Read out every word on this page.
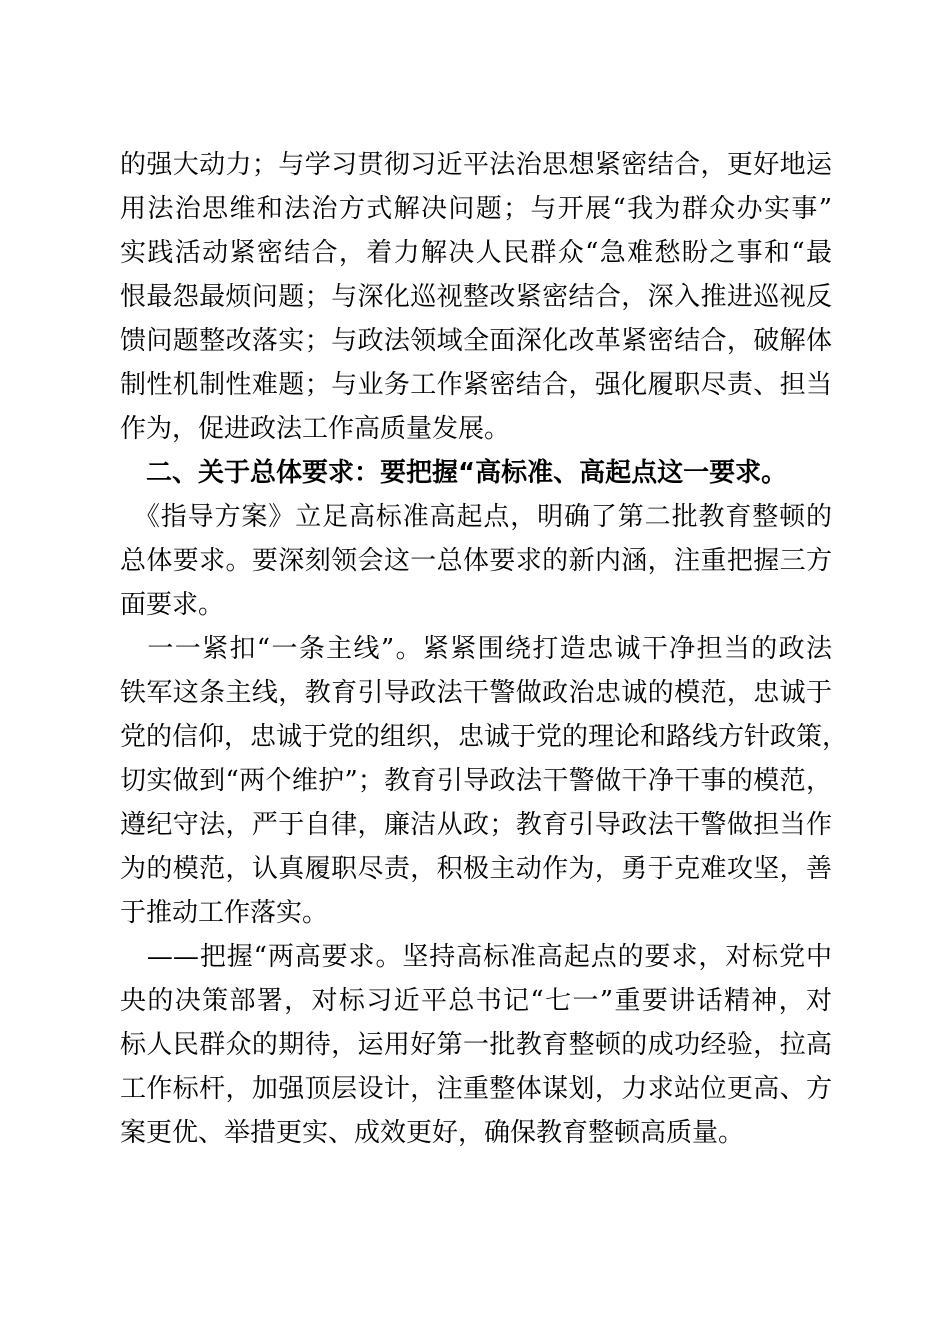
的强大动力；与学习贯彻习近平法治思想紧密结合，更好地运
用法治思维和法治方式解决问题；与开展“我为群众办实事”
实践活动紧密结合，着力解决人民群众“急难愁盼之事和“最
恨最怨最烦问题；与深化巡视整改紧密结合，深入推进巡视反
馈问题整改落实；与政法领域全面深化改革紧密结合，破解体
制性机制性难题；与业务工作紧密结合，强化履职尽责、担当
作为，促进政法工作高质量发展。
　二、关于总体要求：要把握“高标准、高起点这一要求。
　《指导方案》立足高标准高起点，明确了第二批教育整顿的
总体要求。要深刻领会这一总体要求的新内涵，注重把握三方
面要求。
　一一紧扣“一条主线”。紧紧围绕打造忠诚干净担当的政法
铁军这条主线，教育引导政法干警做政治忠诚的模范，忠诚于
党的信仰，忠诚于党的组织，忠诚于党的理论和路线方针政策，
切实做到“两个维护”；教育引导政法干警做干净干事的模范，
遵纪守法，严于自律，廉洁从政；教育引导政法干警做担当作
为的模范，认真履职尽责，积极主动作为，勇于克难攻坚，善
于推动工作落实。
　——把握“两高要求。坚持高标准高起点的要求，对标党中
央的决策部署，对标习近平总书记“七一”重要讲话精神，对
标人民群众的期待，运用好第一批教育整顿的成功经验，拉高
工作标杆，加强顶层设计，注重整体谋划，力求站位更高、方
案更优、举措更实、成效更好，确保教育整顿高质量。
